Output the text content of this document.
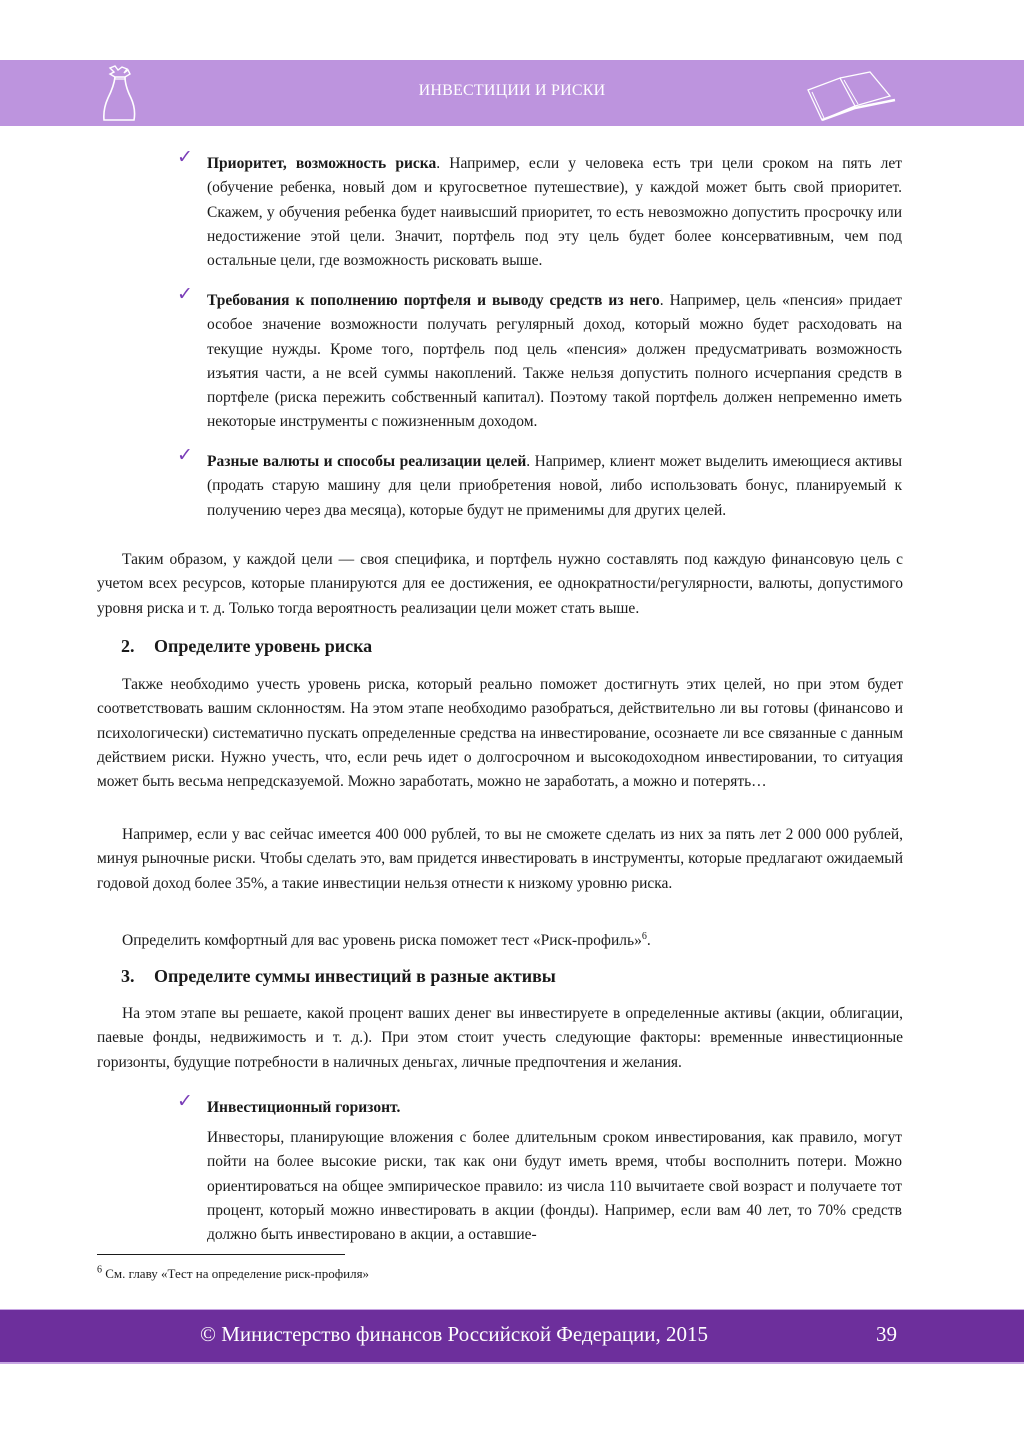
ИНВЕСТИЦИИ И РИСКИ
✓ Приоритет, возможность риска. Например, если у человека есть три цели сроком на пять лет (обучение ребенка, новый дом и кругосветное путешествие), у каждой может быть свой приоритет. Скажем, у обучения ребенка будет наивысший приоритет, то есть невозможно допустить просрочку или недостижение этой цели. Значит, портфель под эту цель будет более консервативным, чем под остальные цели, где возможность рисковать выше.
✓ Требования к пополнению портфеля и выводу средств из него. Например, цель «пенсия» придает особое значение возможности получать регулярный доход, который можно будет расходовать на текущие нужды. Кроме того, портфель под цель «пенсия» должен предусматривать возможность изъятия части, а не всей суммы накоплений. Также нельзя допустить полного исчерпания средств в портфеле (риска пережить собственный капитал). Поэтому такой портфель должен непременно иметь некоторые инструменты с пожизненным доходом.
✓ Разные валюты и способы реализации целей. Например, клиент может выделить имеющиеся активы (продать старую машину для цели приобретения новой, либо использовать бонус, планируемый к получению через два месяца), которые будут не применимы для других целей.
Таким образом, у каждой цели — своя специфика, и портфель нужно составлять под каждую финансовую цель с учетом всех ресурсов, которые планируются для ее достижения, ее однократности/регулярности, валюты, допустимого уровня риска и т. д. Только тогда вероятность реализации цели может стать выше.
2. Определите уровень риска
Также необходимо учесть уровень риска, который реально поможет достигнуть этих целей, но при этом будет соответствовать вашим склонностям. На этом этапе необходимо разобраться, действительно ли вы готовы (финансово и психологически) систематично пускать определенные средства на инвестирование, осознаете ли все связанные с данным действием риски. Нужно учесть, что, если речь идет о долгосрочном и высокодоходном инвестировании, то ситуация может быть весьма непредсказуемой. Можно заработать, можно не заработать, а можно и потерять…
Например, если у вас сейчас имеется 400 000 рублей, то вы не сможете сделать из них за пять лет 2 000 000 рублей, минуя рыночные риски. Чтобы сделать это, вам придется инвестировать в инструменты, которые предлагают ожидаемый годовой доход более 35%, а такие инвестиции нельзя отнести к низкому уровню риска.
Определить комфортный для вас уровень риска поможет тест «Риск-профиль»$^6$.
3. Определите суммы инвестиций в разные активы
На этом этапе вы решаете, какой процент ваших денег вы инвестируете в определенные активы (акции, облигации, паевые фонды, недвижимость и т. д.). При этом стоит учесть следующие факторы: временные инвестиционные горизонты, будущие потребности в наличных деньгах, личные предпочтения и желания.
✓ Инвестиционный горизонт.
Инвесторы, планирующие вложения с более длительным сроком инвестирования, как правило, могут пойти на более высокие риски, так как они будут иметь время, чтобы восполнить потери. Можно ориентироваться на общее эмпирическое правило: из числа 110 вычитаете свой возраст и получаете тот процент, который можно инвестировать в акции (фонды). Например, если вам 40 лет, то 70% средств должно быть инвестировано в акции, а оставшие-
$^6$ См. главу «Тест на определение риск-профиля»
© Министерство финансов Российской Федерации, 2015	39
